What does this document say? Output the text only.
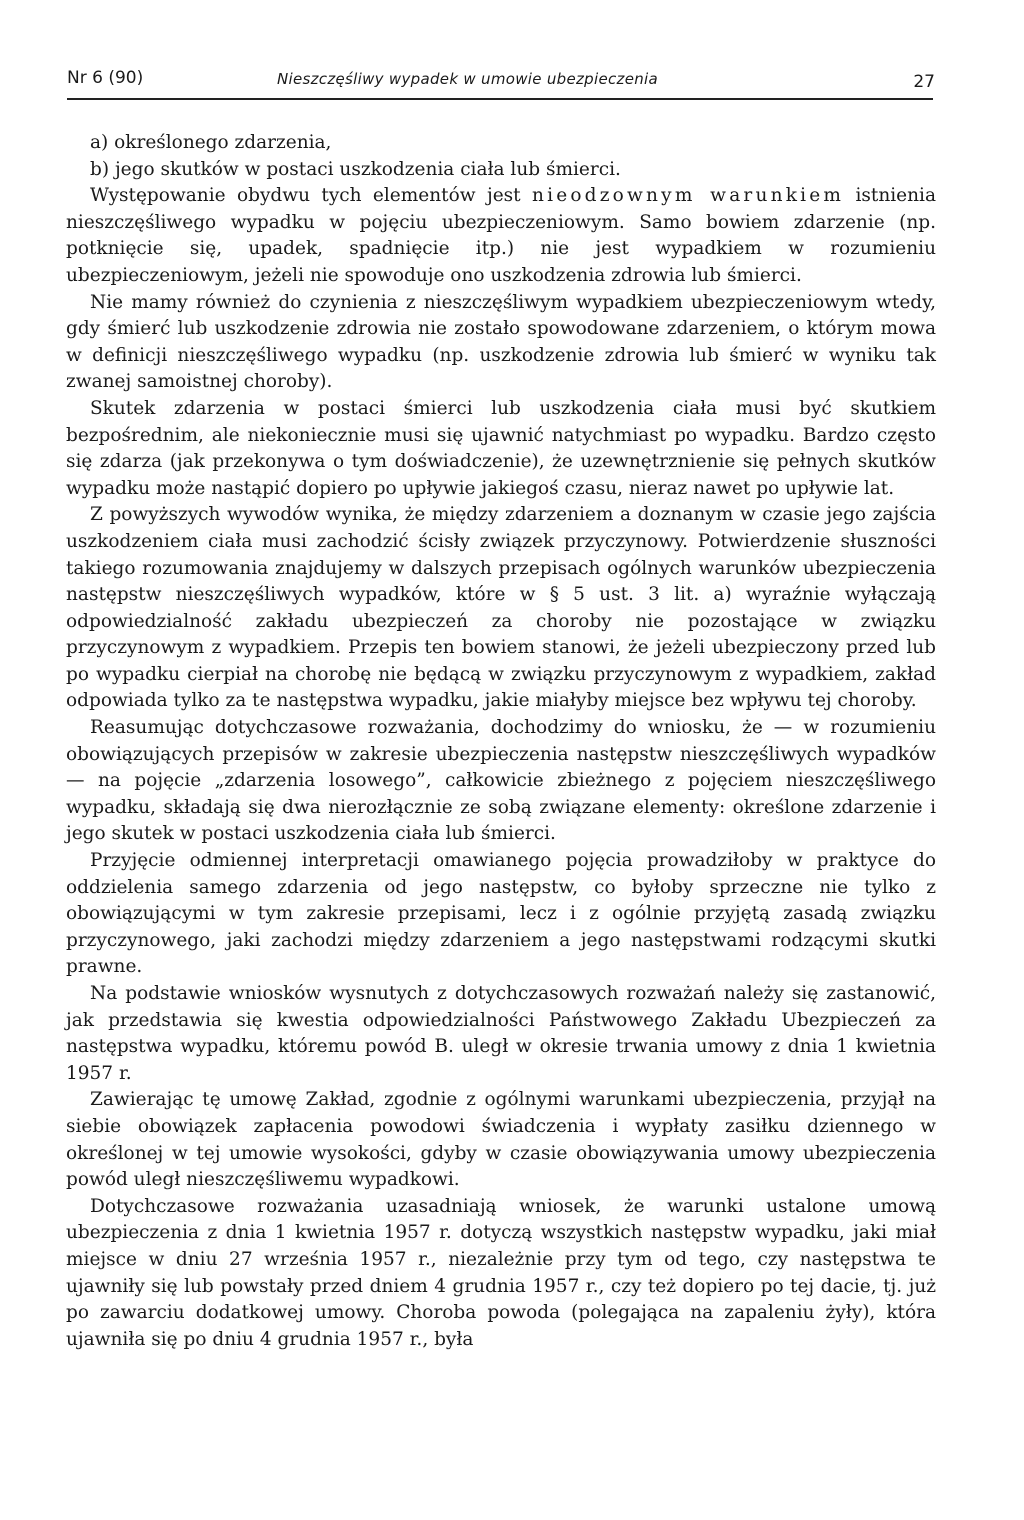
Nr 6 (90)	Nieszczęśliwy wypadek w umowie ubezpieczenia	27

a) określonego zdarzenia,

b) jego skutków w postaci uszkodzenia ciała lub śmierci.

Występowanie obydwu tych elementów jest nieodzownym warunkiem istnienia nieszczęśliwego wypadku w pojęciu ubezpieczeniowym. Samo bowiem zdarzenie (np. potknięcie się, upadek, spadnięcie itp.) nie jest wypadkiem w rozumieniu ubezpieczeniowym, jeżeli nie spowoduje ono uszkodzenia zdrowia lub śmierci.

Nie mamy również do czynienia z nieszczęśliwym wypadkiem ubezpieczeniowym wtedy, gdy śmierć lub uszkodzenie zdrowia nie zostało spowodowane zdarzeniem, o którym mowa w definicji nieszczęśliwego wypadku (np. uszkodzenie zdrowia lub śmierć w wyniku tak zwanej samoistnej choroby).

Skutek zdarzenia w postaci śmierci lub uszkodzenia ciała musi być skutkiem bezpośrednim, ale niekoniecznie musi się ujawnić natychmiast po wypadku. Bardzo często się zdarza (jak przekonywa o tym doświadczenie), że uzewnętrznienie się pełnych skutków wypadku może nastąpić dopiero po upływie jakiegoś czasu, nieraz nawet po upływie lat.

Z powyższych wywodów wynika, że między zdarzeniem a doznanym w czasie jego zajścia uszkodzeniem ciała musi zachodzić ścisły związek przyczynowy. Potwierdzenie słuszności takiego rozumowania znajdujemy w dalszych przepisach ogólnych warunków ubezpieczenia następstw nieszczęśliwych wypadków, które w § 5 ust. 3 lit. a) wyraźnie wyłączają odpowiedzialność zakładu ubezpieczeń za choroby nie pozostające w związku przyczynowym z wypadkiem. Przepis ten bowiem stanowi, że jeżeli ubezpieczony przed lub po wypadku cierpiał na chorobę nie będącą w związku przyczynowym z wypadkiem, zakład odpowiada tylko za te następstwa wypadku, jakie miałyby miejsce bez wpływu tej choroby.

Reasumując dotychczasowe rozważania, dochodzimy do wniosku, że — w rozumieniu obowiązujących przepisów w zakresie ubezpieczenia następstw nieszczęśliwych wypadków — na pojęcie „zdarzenia losowego”, całkowicie zbieżnego z pojęciem nieszczęśliwego wypadku, składają się dwa nierozłącznie ze sobą związane elementy: określone zdarzenie i jego skutek w postaci uszkodzenia ciała lub śmierci.

Przyjęcie odmiennej interpretacji omawianego pojęcia prowadziłoby w praktyce do oddzielenia samego zdarzenia od jego następstw, co byłoby sprzeczne nie tylko z obowiązującymi w tym zakresie przepisami, lecz i z ogólnie przyjętą zasadą związku przyczynowego, jaki zachodzi między zdarzeniem a jego następstwami rodzącymi skutki prawne.

Na podstawie wniosków wysnutych z dotychczasowych rozważań należy się zastanowić, jak przedstawia się kwestia odpowiedzialności Państwowego Zakładu Ubezpieczeń za następstwa wypadku, któremu powód B. uległ w okresie trwania umowy z dnia 1 kwietnia 1957 r.

Zawierając tę umowę Zakład, zgodnie z ogólnymi warunkami ubezpieczenia, przyjął na siebie obowiązek zapłacenia powodowi świadczenia i wypłaty zasiłku dziennego w określonej w tej umowie wysokości, gdyby w czasie obowiązywania umowy ubezpieczenia powód uległ nieszczęśliwemu wypadkowi.

Dotychczasowe rozważania uzasadniają wniosek, że warunki ustalone umową ubezpieczenia z dnia 1 kwietnia 1957 r. dotyczą wszystkich następstw wypadku, jaki miał miejsce w dniu 27 września 1957 r., niezależnie przy tym od tego, czy następstwa te ujawniły się lub powstały przed dniem 4 grudnia 1957 r., czy też dopiero po tej dacie, tj. już po zawarciu dodatkowej umowy. Choroba powoda (polegająca na zapaleniu żyły), która ujawniła się po dniu 4 grudnia 1957 r., była
